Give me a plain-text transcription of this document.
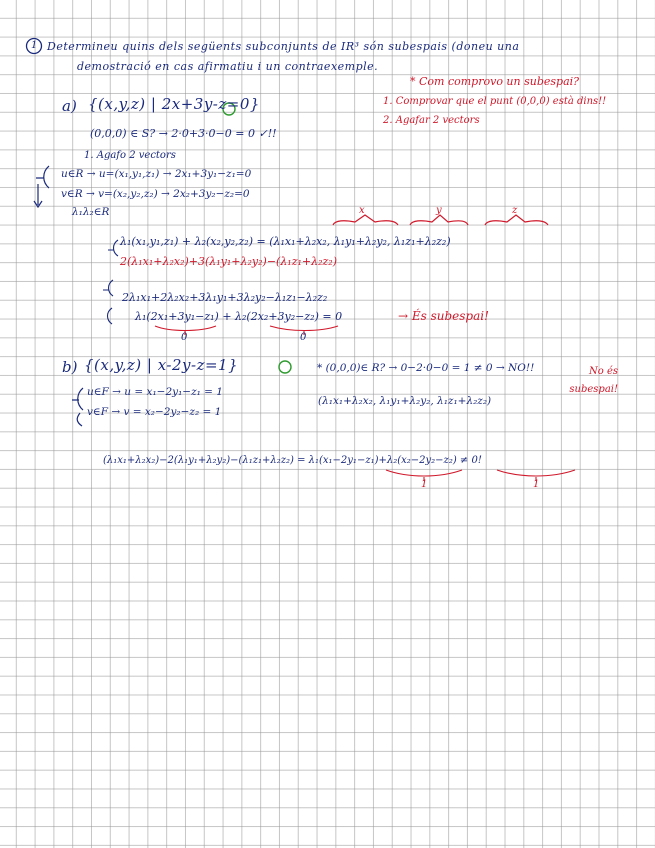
1 Determineu quins dels següents subconjunts de IR³ són subespais (doneu una
demostració en cas afirmatiu i un contraexemple.
* Com comprovo un subespai?
1. Comprovar que el punt (0,0,0) està dins!!
2. Agafar 2 vectors
a) {(x,y,z) | 2x+3y-z=0}
(0,0,0) ∈ S? → 2·0+3·0−0 = 0 ✓!!
1. Agafo 2 vectors
u∈R → u=(x₁,y₁,z₁) → 2x₁+3y₁−z₁=0
v∈R → v=(x₂,y₂,z₂) → 2x₂+3y₂−z₂=0
λ₁λ₂∈R	x	y	z
λ₁(x₁,y₁,z₁) + λ₂(x₂,y₂,z₂) = (λ₁x₁+λ₂x₂, λ₁y₁+λ₂y₂, λ₁z₁+λ₂z₂)
2(λ₁x₁+λ₂x₂)+3(λ₁y₁+λ₂y₂)−(λ₁z₁+λ₂z₂)
2λ₁x₁+2λ₂x₂+3λ₁y₁+3λ₂y₂−λ₁z₁−λ₂z₂
λ₁(2x₁+3y₁−z₁) + λ₂(2x₂+3y₂−z₂) = 0	→ És subespai!
0	0
b) {(x,y,z) | x-2y-z=1}	* (0,0,0)∈ R? → 0−2·0−0 = 1 ≠ 0 → NO!!	No és subespai!
u∈F → u = x₁−2y₁−z₁ = 1
v∈F → v = x₂−2y₂−z₂ = 1
(λ₁x₁+λ₂x₂, λ₁y₁+λ₂y₂, λ₁z₁+λ₂z₂)
(λ₁x₁+λ₂x₂)−2(λ₁y₁+λ₂y₂)−(λ₁z₁+λ₂z₂) = λ₁(x₁−2y₁−z₁)+λ₂(x₂−2y₂−z₂) ≠ 0!
1	1
